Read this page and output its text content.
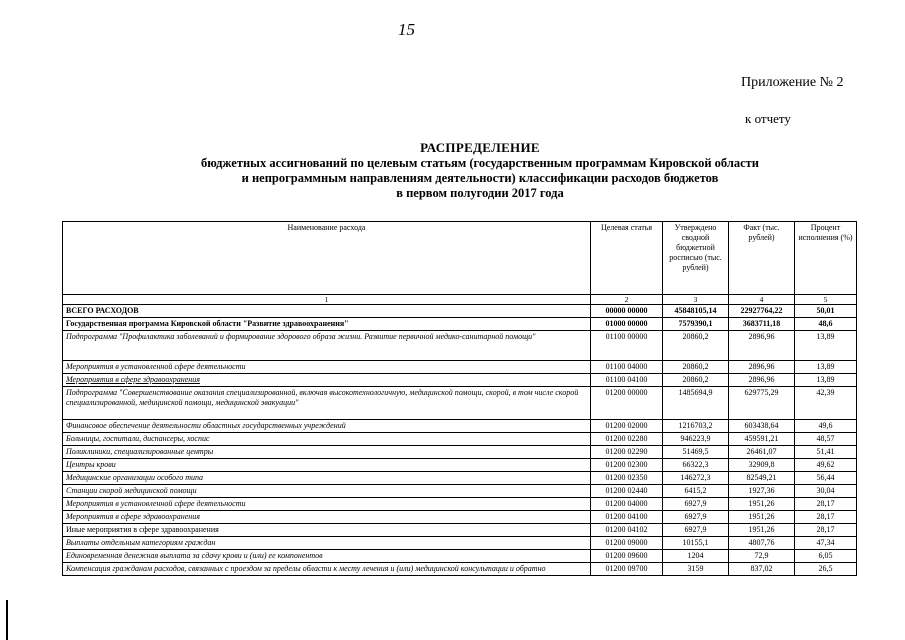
15
Приложение № 2
к отчету
РАСПРЕДЕЛЕНИЕ
бюджетных ассигнований по целевым статьям (государственным программам Кировской области
и непрограммным направлениям деятельности) классификации расходов бюджетов
в первом полугодии 2017 года
Наименование расхода	Целевая статья	Утверждено сводной бюджетной росписью (тыс. рублей)	Факт (тыс. рублей)	Процент исполнения (%)
1	2	3	4	5
ВСЕГО РАСХОДОВ	00000 00000	45848105,14	22927764,22	50,01
Государственная программа Кировской области "Развитие здравоохранения"	01000 00000	7579390,1	3683711,18	48,6
Подпрограмма "Профилактика заболеваний и формирование здорового образа жизни. Развитие первичной медико-санитарной помощи"	01100 00000	20860,2	2896,96	13,89
Мероприятия в установленной сфере деятельности	01100 04000	20860,2	2896,96	13,89
Мероприятия в сфере здравоохранения	01100 04100	20860,2	2896,96	13,89
Подпрограмма "Совершенствование оказания специализированной, включая высокотехнологичную, медицинской помощи, скорой, в том числе скорой специализированной, медицинской помощи, медицинской эвакуации"	01200 00000	1485694,9	629775,29	42,39
Финансовое обеспечение деятельности областных государственных учреждений	01200 02000	1216703,2	603438,64	49,6
Больницы, госпитали, диспансеры, хоспис	01200 02280	946223,9	459591,21	48,57
Поликлиники, специализированные центры	01200 02290	51469,5	26461,07	51,41
Центры крови	01200 02300	66322,3	32909,8	49,62
Медицинские организации особого типа	01200 02350	146272,3	82549,21	56,44
Станции скорой медицинской помощи	01200 02440	6415,2	1927,36	30,04
Мероприятия в установленной сфере деятельности	01200 04000	6927,9	1951,26	28,17
Мероприятия в сфере здравоохранения	01200 04100	6927,9	1951,26	28,17
Иные мероприятия в сфере здравоохранения	01200 04102	6927,9	1951,26	28,17
Выплаты отдельным категориям граждан	01200 09000	10155,1	4807,76	47,34
Единовременная денежная выплата за сдачу крови и (или) ее компонентов	01200 09600	1204	72,9	6,05
Компенсация гражданам расходов, связанных с проездом за пределы области к месту лечения и (или) медицинской консультации и обратно	01200 09700	3159	837,02	26,5
